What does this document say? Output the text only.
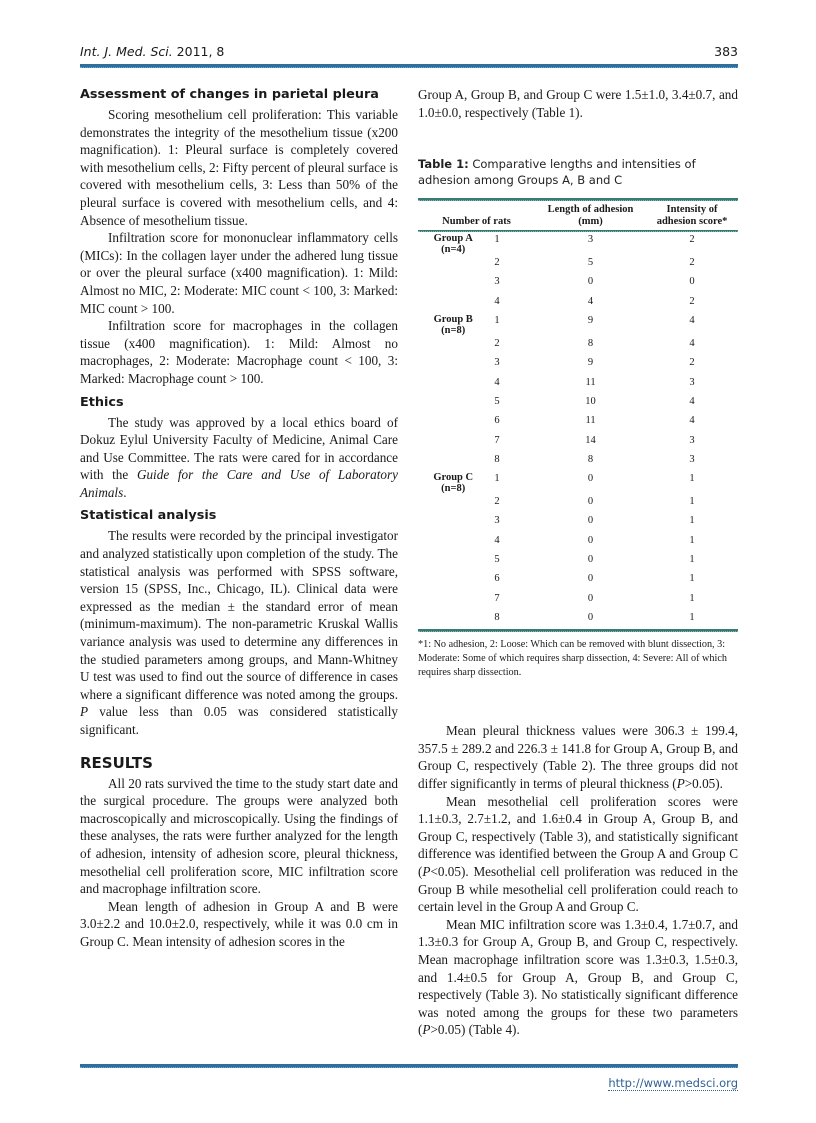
Int. J. Med. Sci. 2011, 8	383
Assessment of changes in parietal pleura

Scoring mesothelium cell proliferation: This variable demonstrates the integrity of the mesothelium tissue (x200 magnification). 1: Pleural surface is completely covered with mesothelium cells, 2: Fifty percent of pleural surface is covered with mesothelium cells, 3: Less than 50% of the pleural surface is covered with mesothelium cells, and 4: Absence of mesothelium tissue.

Infiltration score for mononuclear inflammatory cells (MICs): In the collagen layer under the adhered lung tissue or over the pleural surface (x400 magnification). 1: Mild: Almost no MIC, 2: Moderate: MIC count < 100, 3: Marked: MIC count > 100.

Infiltration score for macrophages in the collagen tissue (x400 magnification). 1: Mild: Almost no macrophages, 2: Moderate: Macrophage count < 100, 3: Marked: Macrophage count > 100.

Ethics

The study was approved by a local ethics board of Dokuz Eylul University Faculty of Medicine, Animal Care and Use Committee. The rats were cared for in accordance with the Guide for the Care and Use of Laboratory Animals.

Statistical analysis

The results were recorded by the principal investigator and analyzed statistically upon completion of the study. The statistical analysis was performed with SPSS software, version 15 (SPSS, Inc., Chicago, IL). Clinical data were expressed as the median ± the standard error of mean (minimum-maximum). The non-parametric Kruskal Wallis variance analysis was used to determine any differences in the studied parameters among groups, and Mann-Whitney U test was used to find out the source of difference in cases where a significant difference was noted among the groups. P value less than 0.05 was considered statistically significant.

RESULTS

All 20 rats survived the time to the study start date and the surgical procedure. The groups were analyzed both macroscopically and microscopically. Using the findings of these analyses, the rats were further analyzed for the length of adhesion, intensity of adhesion score, pleural thickness, mesothelial cell proliferation score, MIC infiltration score and macrophage infiltration score.

Mean length of adhesion in Group A and B were 3.0±2.2 and 10.0±2.0, respectively, while it was 0.0 cm in Group C. Mean intensity of adhesion scores in the

Group A, Group B, and Group C were 1.5±1.0, 3.4±0.7, and 1.0±0.0, respectively (Table 1).

Table 1: Comparative lengths and intensities of adhesion among Groups A, B and C
Number of rats		Length of adhesion (mm)	Intensity of adhesion score*

Group A
(n=4)	1	3	2
	2	5	2
	3	0	0
	4	4	2

Group B
(n=8)	1	9	4
	2	8	4
	3	9	2
	4	11	3
	5	10	4
	6	11	4
	7	14	3
	8	8	3

Group C
(n=8)	1	0	1
	2	0	1
	3	0	1
	4	0	1
	5	0	1
	6	0	1
	7	0	1
	8	0	1
*1: No adhesion, 2: Loose: Which can be removed with blunt dissection, 3: Moderate: Some of which requires sharp dissection, 4: Severe: All of which requires sharp dissection.

Mean pleural thickness values were 306.3 ± 199.4, 357.5 ± 289.2 and 226.3 ± 141.8 for Group A, Group B, and Group C, respectively (Table 2). The three groups did not differ significantly in terms of pleural thickness (P>0.05).

Mean mesothelial cell proliferation scores were 1.1±0.3, 2.7±1.2, and 1.6±0.4 in Group A, Group B, and Group C, respectively (Table 3), and statistically significant difference was identified between the Group A and Group C (P<0.05). Mesothelial cell proliferation was reduced in the Group B while mesothelial cell proliferation could reach to certain level in the Group A and Group C.

Mean MIC infiltration score was 1.3±0.4, 1.7±0.7, and 1.3±0.3 for Group A, Group B, and Group C, respectively. Mean macrophage infiltration score was 1.3±0.3, 1.5±0.3, and 1.4±0.5 for Group A, Group B, and Group C, respectively (Table 3). No statistically significant difference was noted among the groups for these two parameters (P>0.05) (Table 4).

http://www.medsci.org
